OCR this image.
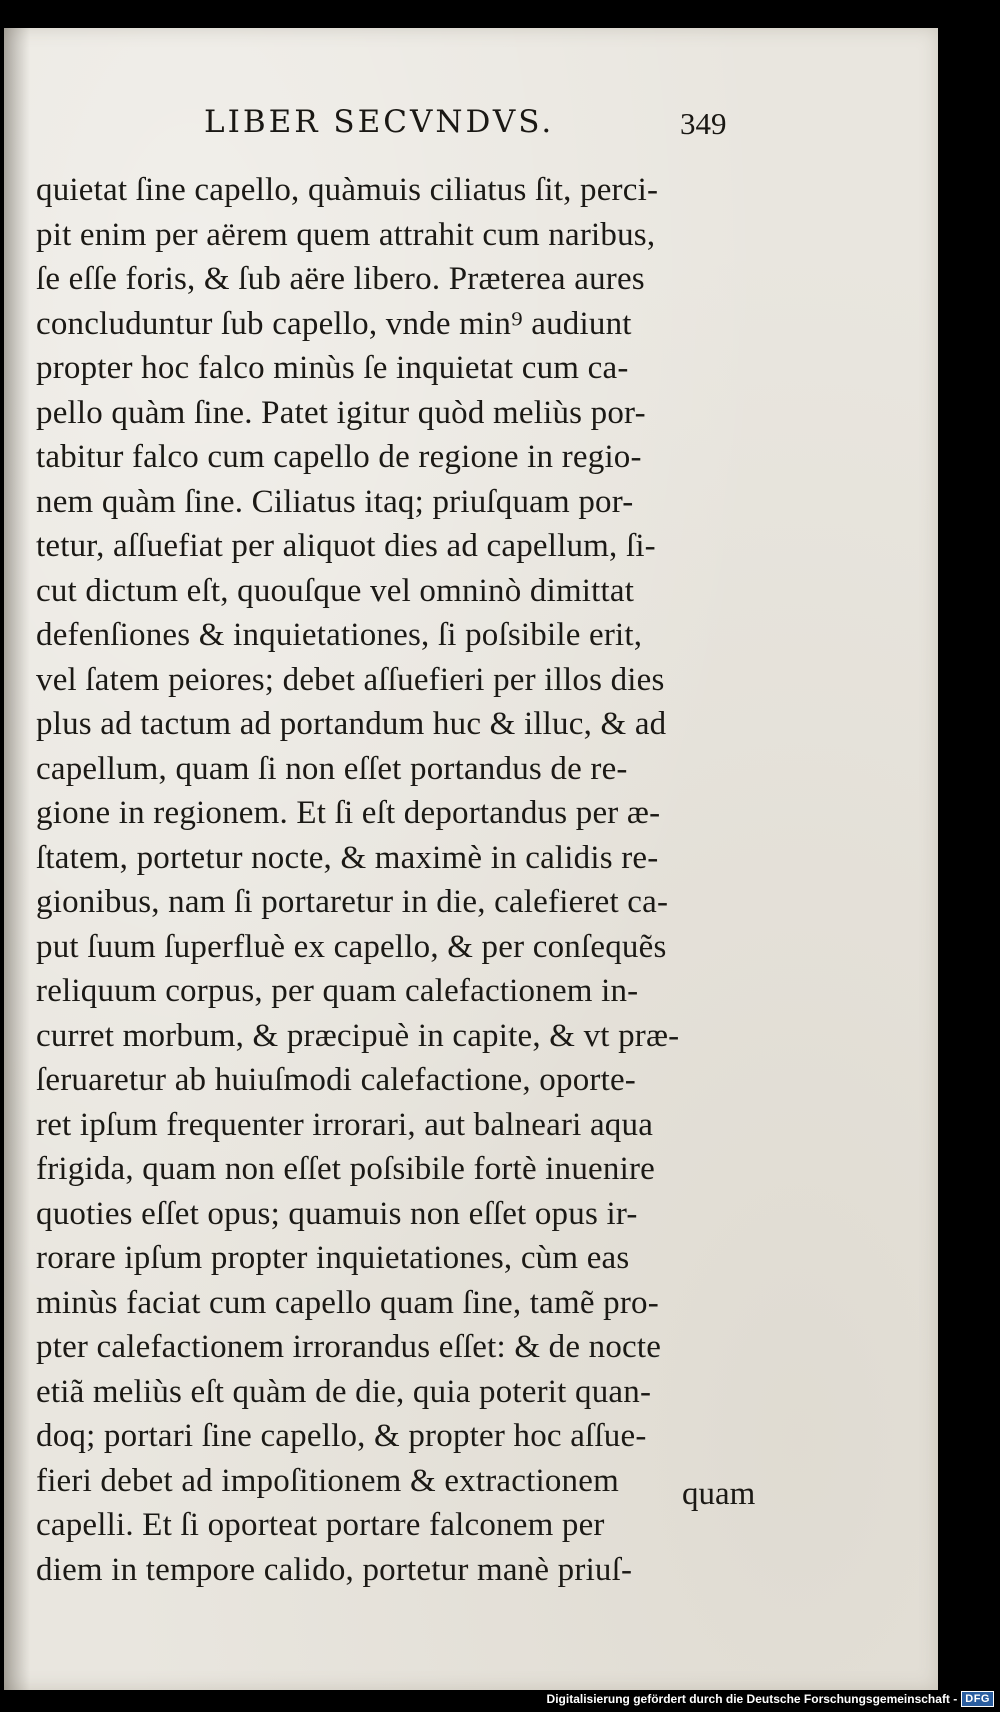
LIBER SECVNDVS.	349
quietat ſine capello, quàmuis ciliatus ſit, perci-
pit enim per aërem quem attrahit cum naribus,
ſe eſſe foris, & ſub aëre libero. Præterea aures
concluduntur ſub capello, vnde min⁹ audiunt
propter hoc falco minùs ſe inquietat cum ca-
pello quàm ſine. Patet igitur quòd meliùs por-
tabitur falco cum capello de regione in regio-
nem quàm ſine. Ciliatus itaq; priuſquam por-
tetur, aſſuefiat per aliquot dies ad capellum, ſi-
cut dictum eſt, quouſque vel omninò dimittat
defenſiones & inquietationes, ſi poſsibile erit,
vel ſatem peiores; debet aſſuefieri per illos dies
plus ad tactum ad portandum huc & illuc, & ad
capellum, quam ſi non eſſet portandus de re-
gione in regionem. Et ſi eſt deportandus per æ-
ſtatem, portetur nocte, & maximè in calidis re-
gionibus, nam ſi portaretur in die, calefieret ca-
put ſuum ſuperfluè ex capello, & per conſequẽs
reliquum corpus, per quam calefactionem in-
curret morbum, & præcipuè in capite, & vt præ-
ſeruaretur ab huiuſmodi calefactione, oporte-
ret ipſum frequenter irrorari, aut balneari aqua
frigida, quam non eſſet poſsibile fortè inuenire
quoties eſſet opus; quamuis non eſſet opus ir-
rorare ipſum propter inquietationes, cùm eas
minùs faciat cum capello quam ſine, tamẽ pro-
pter calefactionem irrorandus eſſet: & de nocte
etiã meliùs eſt quàm de die, quia poterit quan-
doq; portari ſine capello, & propter hoc aſſue-
fieri debet ad impoſitionem & extractionem
capelli. Et ſi oporteat portare falconem per
diem in tempore calido, portetur manè priuſ-
quam
Digitalisierung gefördert durch die Deutsche Forschungsgemeinschaft - DFG
